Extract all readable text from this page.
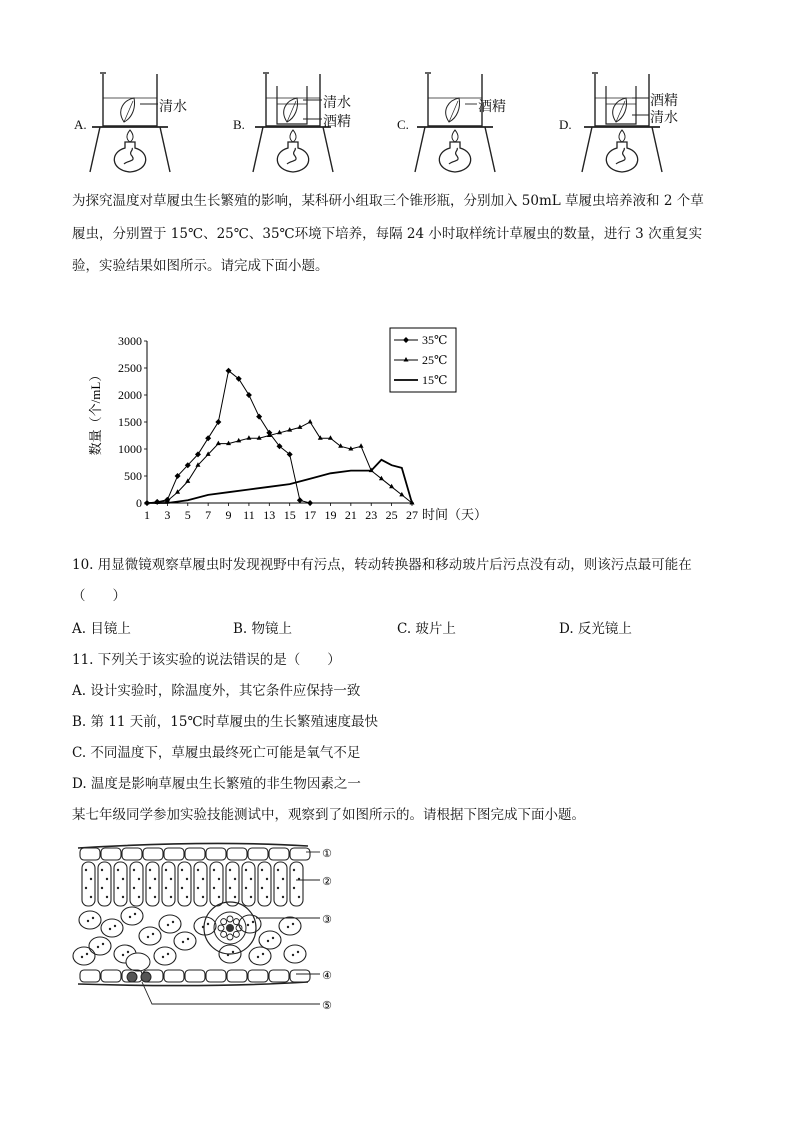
A.	B.	C.	D.
清水	清水
酒精
酒精	酒精
清水
为探究温度对草履虫生长繁殖的影响，某科研小组取三个锥形瓶，分别加入 50mL 草履虫培养液和 2 个草
履虫，分别置于 15℃、25℃、35℃环境下培养，每隔 24 小时取样统计草履虫的数量，进行 3 次重复实
验，实验结果如图所示。请完成下面小题。
0
500
1000
1500
2000
2500
3000
1 3 5 7 9 11 13 15 17 19 21 23 25 27
数量（个/mL）
时间（天）
35℃
25℃
15℃
10. 用显微镜观察草履虫时发现视野中有污点，转动转换器和移动玻片后污点没有动，则该污点最可能在
（　　）
A. 目镜上	B. 物镜上	C. 玻片上	D. 反光镜上
11. 下列关于该实验的说法错误的是（　　）
A. 设计实验时，除温度外，其它条件应保持一致
B. 第 11 天前，15℃时草履虫的生长繁殖速度最快
C. 不同温度下，草履虫最终死亡可能是氧气不足
D. 温度是影响草履虫生长繁殖的非生物因素之一
某七年级同学参加实验技能测试中，观察到了如图所示的。请根据下图完成下面小题。
①
②
③
④
⑤
